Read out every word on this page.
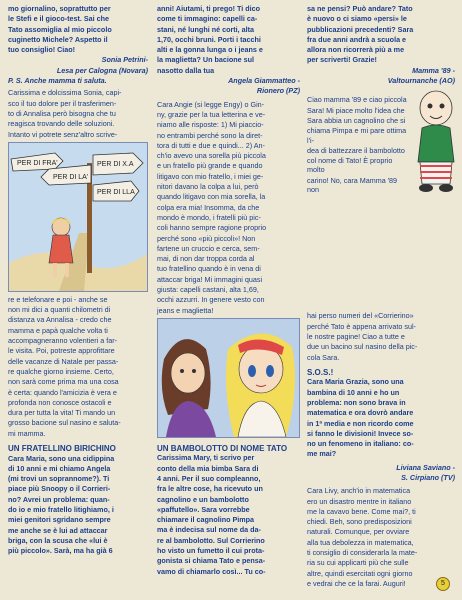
mo giornalino, soprattutto per

le Stefi e il gioco-test. Sai che

Tato assomiglia al mio piccolo

cuginetto Michele? Aspetto il

tuo consiglio! Ciao!

Sonia Petrini-

Lesa per Calogna (Novara)

P. S. Anche mamma ti saluta.

Carissima e dolcissima Sonia, capi-

sco il tuo dolore per il trasferimen-

to di Annalisa però bisogna che tu

reagisca trovando delle soluzioni.

Intanto vi potrete senz'altro scrive-

PER DI FRA'
PER DI LA'
PER DI X.A
PER DI LLA

re e telefonare e poi - anche se

non mi dici a quanti chilometri di

distanza va Annalisa - credo che

mamma e papà qualche volta ti

accompagneranno volentieri a far-

le visita. Poi, potreste approfittare

delle vacanze di Natale per passa-

re qualche giorno insieme. Certo,

non sarà come prima ma una cosa

è certa: quando l'amicizia è vera e

profonda non conosce ostacoli e

dura per tutta la vita! Ti mando un

grosso bacione sul nasino e saluta-

mi mamma.

UN FRATELLINO BIRICHINO

Cara Maria, sono una cidippina

di 10 anni e mi chiamo Angela

(mi trovi un soprannome?). Ti

piace più Snoopy o il Corrieri-

no? Avrei un problema: quan-

do io e mio fratello litighiamo, i

miei genitori sgridano sempre

me anche se è lui ad attaccar

briga, con la scusa che «lui è

più piccolo». Sarà, ma ha già 6

anni! Aiutami, ti prego! Ti dico

come ti immagino: capelli ca-

stani, né lunghi né corti, alta

1,70, occhi bruni. Porti i tacchi

alti e la gonna lunga o i jeans e

la maglietta? Un bacione sul

nasotto dalla tua

Angela Giammatteo -

Rionero (PZ)

Cara Angie (si legge Engy) o Gin-

ny, grazie per la tua letterina e ve-

niamo alle risposte: 1) Mi piaccio-

no entrambi perché sono la diret-

tora di tutti e due e quindi... 2) An-

ch'io avevo una sorella più piccola

e un fratello più grande e quando

litigavo con mio fratello, i miei ge-

nitori davano la colpa a lui, però

quando litigavo con mia sorella, la

colpa era mia! Insomma, da che

mondo è mondo, i fratelli più pic-

coli hanno sempre ragione proprio

perché sono «più piccoli»! Non

fartene un cruccio e cerca, sem-

mai, di non dar troppa corda al

tuo fratellino quando è in vena di

attaccar briga! Mi immagini quasi

giusta: capelli castani, alta 1,69,

occhi azzurri. In genere vesto con

jeans e maglietta!

UN BAMBOLOTTO DI NOME TATO

Carissima Mary, ti scrivo per

conto della mia bimba Sara di

4 anni. Per il suo compleanno,

fra le altre cose, ha ricevuto un

cagnolino e un bambolotto

«paffutello». Sara vorrebbe

chiamare il cagnolino Pimpa

ma è indecisa sul nome da da-

re al bambolotto. Sul Corrierino

ho visto un fumetto il cui prota-

gonista si chiama Tato e pensa-

vamo di chiamarlo così... Tu co-

sa ne pensi? Può andare? Tato

è nuovo o ci siamo «persi» le

pubblicazioni precedenti? Sara

fra due anni andrà a scuola e

allora non ricorrerà più a me

per scriverti! Grazie!

Mamma '89 -

Valtournanche (AO)

Ciao mamma '89 e ciao piccola

Sara! Mi piace molto l'idea che

Sara abbia un cagnolino che si

chiama Pimpa e mi pare ottima l'i-

dea di battezzare il bambolotto

col nome di Tato! È proprio molto

carino! No, cara Mamma '89 non

hai perso numeri del «Corrierino»

perché Tato è appena arrivato sul-

le nostre pagine! Ciao a tutte e

due un bacino sul nasino della pic-

cola Sara.

S.O.S.!

Cara Maria Grazia, sono una

bambina di 10 anni e ho un

problema: non sono brava in

matematica e ora dovrò andare

in 1ª media e non ricordo come

si fanno le divisioni! Invece so-

no un fenomeno in italiano: co-

me mai?

Liviana Saviano -

S. Cirpiano (TV)

Cara Livy, anch'io in matematica

ero un disastro mentre in italiano

me la cavavo bene. Come mai?, ti

chiedi. Beh, sono predisposizioni

naturali. Comunque, per ovviare

alla tua debolezza in matematica,

ti consiglio di considerarla la mate-

ria su cui applicarti più che sulle

altre, quindi esercitati ogni giorno

e vedrai che ce la farai. Auguri!	5
